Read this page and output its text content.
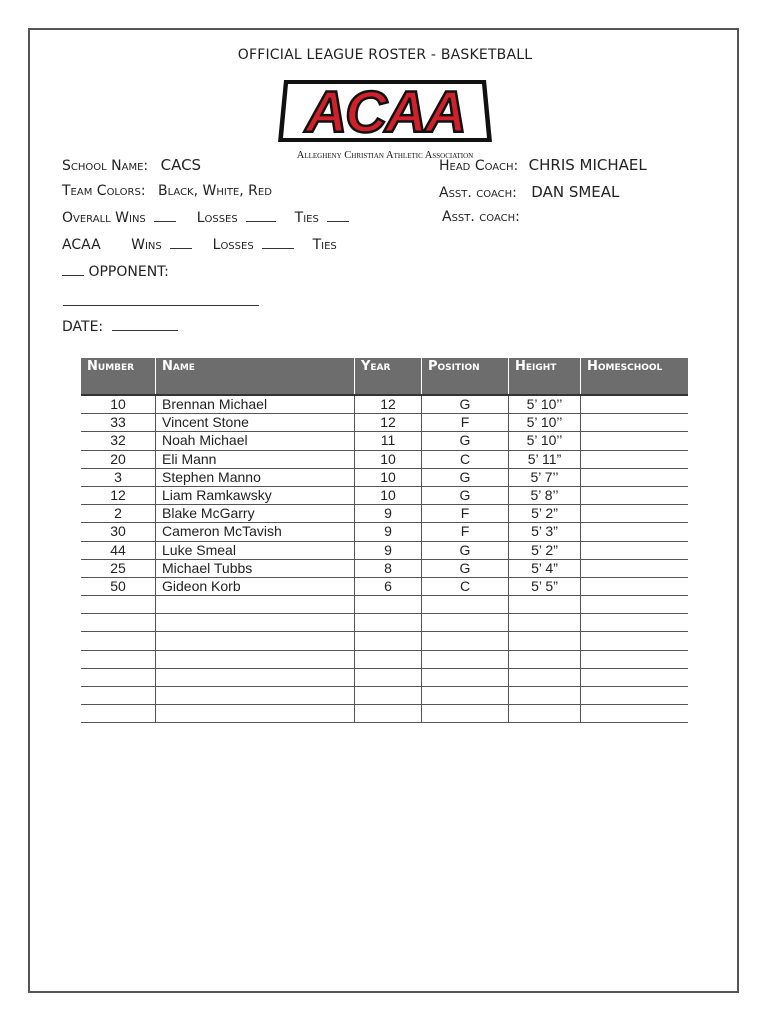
OFFICIAL LEAGUE ROSTER - BASKETBALL
ACAA
Allegheny Christian Athletic Association
School Name: CACS
Team Colors: Black, White, Red
Overall Wins	Losses	Ties
ACAA Wins	Losses	Ties
OPPONENT:
DATE:
Head Coach: CHRIS MICHAEL
Asst. coach: DAN SMEAL
Asst. coach:
Number	Name	Year	Position	Height	Homeschool
10	Brennan Michael	12	G	5’ 10’’	
33	Vincent Stone	12	F	5’ 10’’	
32	Noah Michael	11	G	5’ 10’’	
20	Eli Mann	10	C	5’ 11”	
3	Stephen Manno	10	G	5’ 7’’	
12	Liam Ramkawsky	10	G	5’ 8’’	
2	Blake McGarry	9	F	5’ 2”	
30	Cameron McTavish	9	F	5’ 3”	
44	Luke Smeal	9	G	5’ 2”	
25	Michael Tubbs	8	G	5’ 4”	
50	Gideon Korb	6	C	5’ 5”	
